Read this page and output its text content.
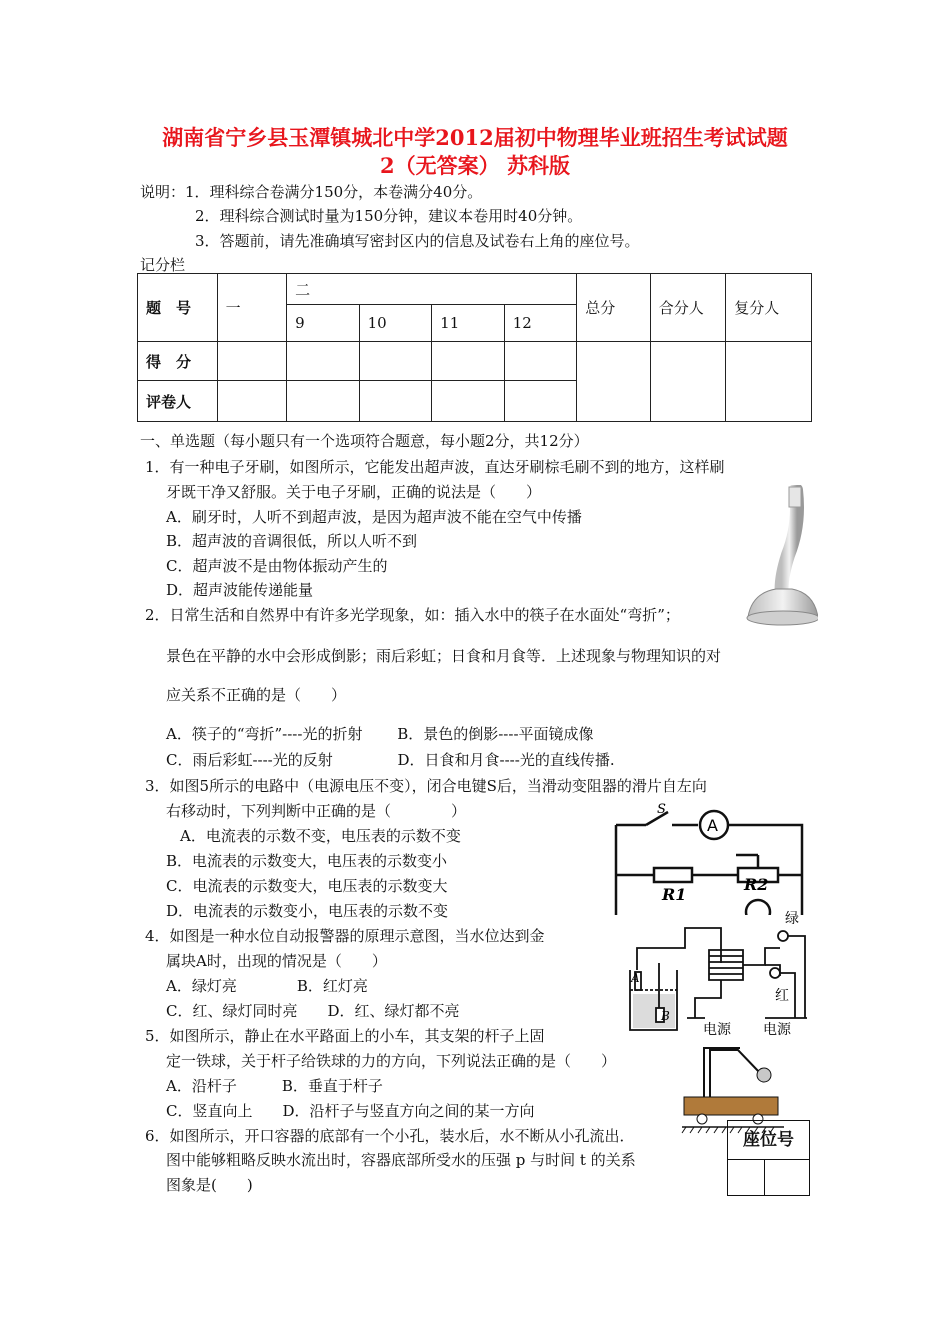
湖南省宁乡县玉潭镇城北中学2012届初中物理毕业班招生考试试题
2（无答案） 苏科版
说明：1．理科综合卷满分150分，本卷满分40分。
2．理科综合测试时量为150分钟，建议本卷用时40分钟。
3．答题前，请先准确填写密封区内的信息及试卷右上角的座位号。
记分栏
题　号	一	二				总分	合分人	复分人
		9	10	11	12			
得　分								
评卷人								
一、单选题（每小题只有一个选项符合题意，每小题2分，共12分）
1．有一种电子牙刷，如图所示，它能发出超声波，直达牙刷棕毛刷不到的地方，这样刷
牙既干净又舒服。关于电子牙刷，正确的说法是（　　）
A．刷牙时，人听不到超声波，是因为超声波不能在空气中传播
B．超声波的音调很低，所以人听不到
C．超声波不是由物体振动产生的
D．超声波能传递能量
2．日常生活和自然界中有许多光学现象，如：插入水中的筷子在水面处“弯折”；
景色在平静的水中会形成倒影；雨后彩虹；日食和月食等．上述现象与物理知识的对
应关系不正确的是（　　）
A．筷子的“弯折”----光的折射　　 B．景色的倒影----平面镜成像
C．雨后彩虹----光的反射　　　　 D．日食和月食----光的直线传播.
3．如图5所示的电路中（电源电压不变），闭合电键S后，当滑动变阻器的滑片自左向
右移动时，下列判断中正确的是（　　　　）
A．电流表的示数不变，电压表的示数不变
B．电流表的示数变大，电压表的示数变小
C．电流表的示数变大，电压表的示数变大
D．电流表的示数变小，电压表的示数不变
S
A
R1
R2
4．如图是一种水位自动报警器的原理示意图，当水位达到金
属块A时，出现的情况是（　　）
A．绿灯亮　　　　B．红灯亮
C．红、绿灯同时亮　　D．红、绿灯都不亮
绿
红
A
B
电源 电源
5．如图所示，静止在水平路面上的小车，其支架的杆子上固
定一铁球，关于杆子给铁球的力的方向，下列说法正确的是（　　）
A．沿杆子　　　B．垂直于杆子
C．竖直向上　　D．沿杆子与竖直方向之间的某一方向
6．如图所示，开口容器的底部有一个小孔，装水后，水不断从小孔流出．
图中能够粗略反映水流出时，容器底部所受水的压强 p 与时间 t 的关系
图象是(　　)
座位号
